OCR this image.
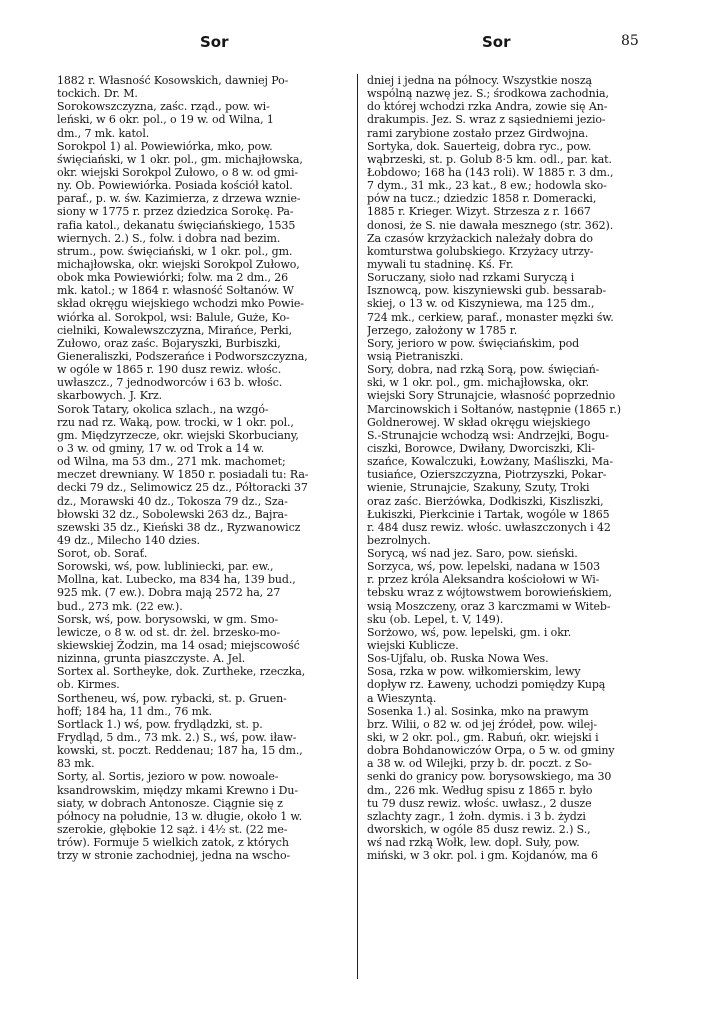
Sor	Sor	85
1882 r. Własność Kosowskich, dawniej Po-
tockich. Dr. M.
Sorokowszczyzna, zaśc. rząd., pow. wi-
leński, w 6 okr. pol., o 19 w. od Wilna, 1
dm., 7 mk. katol.
Sorokpol 1) al. Powiewiórka, mko, pow.
święciański, w 1 okr. pol., gm. michajłowska,
okr. wiejski Sorokpol Zułowo, o 8 w. od gmi-
ny. Ob. Powiewiórka. Posiada kościół katol.
paraf., p. w. św. Kazimierza, z drzewa wznie-
siony w 1775 r. przez dziedzica Sorokę. Pa-
rafia katol., dekanatu święciańskiego, 1535
wiernych. 2.) S., folw. i dobra nad bezim.
strum., pow. święciański, w 1 okr. pol., gm.
michajłowska, okr. wiejski Sorokpol Zułowo,
obok mka Powiewiórki; folw. ma 2 dm., 26
mk. katol.; w 1864 r. własność Sołtanów. W
skład okręgu wiejskiego wchodzi mko Powie-
wiórka al. Sorokpol, wsi: Balule, Guże, Ko-
cielniki, Kowalewszczyzna, Mirańce, Perki,
Zułowo, oraz zaśc. Bojaryszki, Burbiszki,
Gieneraliszki, Podszerańce i Podworszczyzna,
w ogóle w 1865 r. 190 dusz rewiz. włośc.
uwłaszcz., 7 jednodworców i 63 b. włośc.
skarbowych. J. Krz.
Sorok Tatary, okolica szlach., na wzgó-
rzu nad rz. Waką, pow. trocki, w 1 okr. pol.,
gm. Międzyrzecze, okr. wiejski Skorbuciany,
o 3 w. od gminy, 17 w. od Trok a 14 w.
od Wilna, ma 53 dm., 271 mk. machomet;
meczet drewniany. W 1850 r. posiadali tu: Ra-
decki 79 dz., Selimowicz 25 dz., Półtoracki 37
dz., Morawski 40 dz., Tokosza 79 dz., Sza-
błowski 32 dz., Sobolewski 263 dz., Bajra-
szewski 35 dz., Kieński 38 dz., Ryzwanowicz
49 dz., Milecho 140 dzies.
Sorot, ob. Sorať.
Sorowski, wś, pow. lubliniecki, par. ew.,
Mollna, kat. Lubecko, ma 834 ha, 139 bud.,
925 mk. (7 ew.). Dobra mają 2572 ha, 27
bud., 273 mk. (22 ew.).
Sorsk, wś, pow. borysowski, w gm. Smo-
lewicze, o 8 w. od st. dr. żel. brzesko-mo-
skiewskiej Żodzin, ma 14 osad; miejscowość
nizinna, grunta piaszczyste. A. Jel.
Sortex al. Sortheyke, dok. Zurtheke, rzeczka,
ob. Kirmes.
Sortheneu, wś, pow. rybacki, st. p. Gruen-
hoff; 184 ha, 11 dm., 76 mk.
Sortlack 1.) wś, pow. frydlądzki, st. p.
Frydląd, 5 dm., 73 mk. 2.) S., wś, pow. iław-
kowski, st. poczt. Reddenau; 187 ha, 15 dm.,
83 mk.
Sorty, al. Sortis, jezioro w pow. nowoale-
ksandrowskim, między mkami Krewno i Du-
siaty, w dobrach Antonosze. Ciągnie się z
północy na południe, 13 w. długie, około 1 w.
szerokie, głębokie 12 sąż. i 4½ st. (22 me-
trów). Formuje 5 wielkich zatok, z których
trzy w stronie zachodniej, jedna na wscho-
dniej i jedna na północy. Wszystkie noszą
wspólną nazwę jez. S.; środkowa zachodnia,
do której wchodzi rzka Andra, zowie się An-
drakumpis. Jez. S. wraz z sąsiedniemi jezio-
rami zarybione zostało przez Girdwojna.
Sortyka, dok. Sauerteig, dobra ryc., pow.
wąbrzeski, st. p. Golub 8·5 km. odl., par. kat.
Łobdowo; 168 ha (143 roli). W 1885 r. 3 dm.,
7 dym., 31 mk., 23 kat., 8 ew.; hodowla sko-
pów na tucz.; dziedzic 1858 r. Domeracki,
1885 r. Krieger. Wizyt. Strzesza z r. 1667
donosi, że S. nie dawała mesznego (str. 362).
Za czasów krzyżackich należały dobra do
komturstwa golubskiego. Krzyżacy utrzy-
mywali tu stadninę. Kś. Fr.
Soruczany, sioło nad rzkami Suryczą i
Isznowcą, pow. kiszyniewski gub. bessarab-
skiej, o 13 w. od Kiszyniewa, ma 125 dm.,
724 mk., cerkiew, paraf., monaster męzki św.
Jerzego, założony w 1785 r.
Sory, jerioro w pow. święciańskim, pod
wsią Pietraniszki.
Sory, dobra, nad rzką Sorą, pow. święciań-
ski, w 1 okr. pol., gm. michajłowska, okr.
wiejski Sory Strunajcie, własność poprzednio
Marcinowskich i Sołtanów, następnie (1865 r.)
Goldnerowej. W skład okręgu wiejskiego
S.-Strunajcie wchodzą wsi: Andrzejki, Bogu-
ciszki, Borowce, Dwiłany, Dworciszki, Kli-
szańce, Kowalczuki, Łowżany, Maśliszki, Ma-
tusiańce, Ozierszczyzna, Piotrzyszki, Pokar-
wienie, Strunajcie, Szakuny, Szuty, Troki
oraz zaśc. Bierżówka, Dodkiszki, Kiszliszki,
Łukiszki, Pierkcinie i Tartak, wogóle w 1865
r. 484 dusz rewiz. włośc. uwłaszczonych i 42
bezrolnych.
Sorycą, wś nad jez. Saro, pow. sieński.
Sorzyca, wś, pow. lepelski, nadana w 1503
r. przez króla Aleksandra kościołowi w Wi-
tebsku wraz z wójtowstwem borowieńskiem,
wsią Moszczeny, oraz 3 karczmami w Witeb-
sku (ob. Lepel, t. V, 149).
Sorżowo, wś, pow. lepelski, gm. i okr.
wiejski Kublicze.
Sos-Ujfalu, ob. Ruska Nowa Wes.
Sosa, rzka w pow. wiłkomierskim, lewy
dopływ rz. Ławeny, uchodzi pomiędzy Kupą
a Wieszyntą.
Sosenka 1.) al. Sosinka, mko na prawym
brz. Wilii, o 82 w. od jej źródeł, pow. wilej-
ski, w 2 okr. pol., gm. Rabuń, okr. wiejski i
dobra Bohdanowiczów Orpa, o 5 w. od gminy
a 38 w. od Wilejki, przy b. dr. poczt. z So-
senki do granicy pow. borysowskiego, ma 30
dm., 226 mk. Według spisu z 1865 r. było
tu 79 dusz rewiz. włośc. uwłasz., 2 dusze
szlachty zagr., 1 żołn. dymis. i 3 b. żydzi
dworskich, w ogóle 85 dusz rewiz. 2.) S.,
wś nad rzką Wołk, lew. dopł. Suły, pow.
miński, w 3 okr. pol. i gm. Kojdanów, ma 6
